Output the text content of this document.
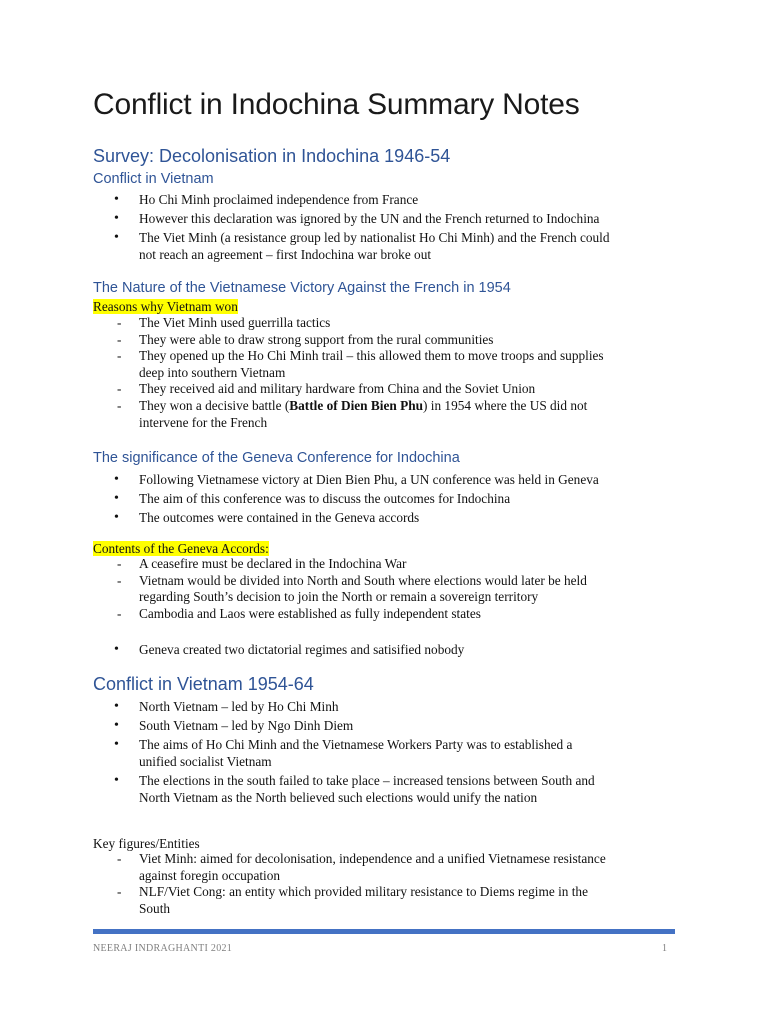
Conflict in Indochina Summary Notes
Survey: Decolonisation in Indochina 1946-54
Conflict in Vietnam
• Ho Chi Minh proclaimed independence from France
• However this declaration was ignored by the UN and the French returned to Indochina
• The Viet Minh (a resistance group led by nationalist Ho Chi Minh) and the French could
not reach an agreement – first Indochina war broke out
The Nature of the Vietnamese Victory Against the French in 1954

Reasons why Vietnam won

- The Viet Minh used guerrilla tactics
- They were able to draw strong support from the rural communities
- They opened up the Ho Chi Minh trail – this allowed them to move troops and supplies
deep into southern Vietnam
- They received aid and military hardware from China and the Soviet Union
- They won a decisive battle (Battle of Dien Bien Phu) in 1954 where the US did not
intervene for the French
The significance of the Geneva Conference for Indochina
• Following Vietnamese victory at Dien Bien Phu, a UN conference was held in Geneva
• The aim of this conference was to discuss the outcomes for Indochina
• The outcomes were contained in the Geneva accords

Contents of the Geneva Accords:

- A ceasefire must be declared in the Indochina War
- Vietnam would be divided into North and South where elections would later be held
regarding South’s decision to join the North or remain a sovereign territory
- Cambodia and Laos were established as fully independent states
• Geneva created two dictatorial regimes and satisified nobody
Conflict in Vietnam 1954-64
• North Vietnam – led by Ho Chi Minh
• South Vietnam – led by Ngo Dinh Diem
• The aims of Ho Chi Minh and the Vietnamese Workers Party was to established a
unified socialist Vietnam
• The elections in the south failed to take place – increased tensions between South and
North Vietnam as the North believed such elections would unify the nation

Key figures/Entities

- Viet Minh: aimed for decolonisation, independence and a unified Vietnamese resistance
against foregin occupation
- NLF/Viet Cong: an entity which provided military resistance to Diems regime in the
South

NEERAJ INDRAGHANTI 2021	1
